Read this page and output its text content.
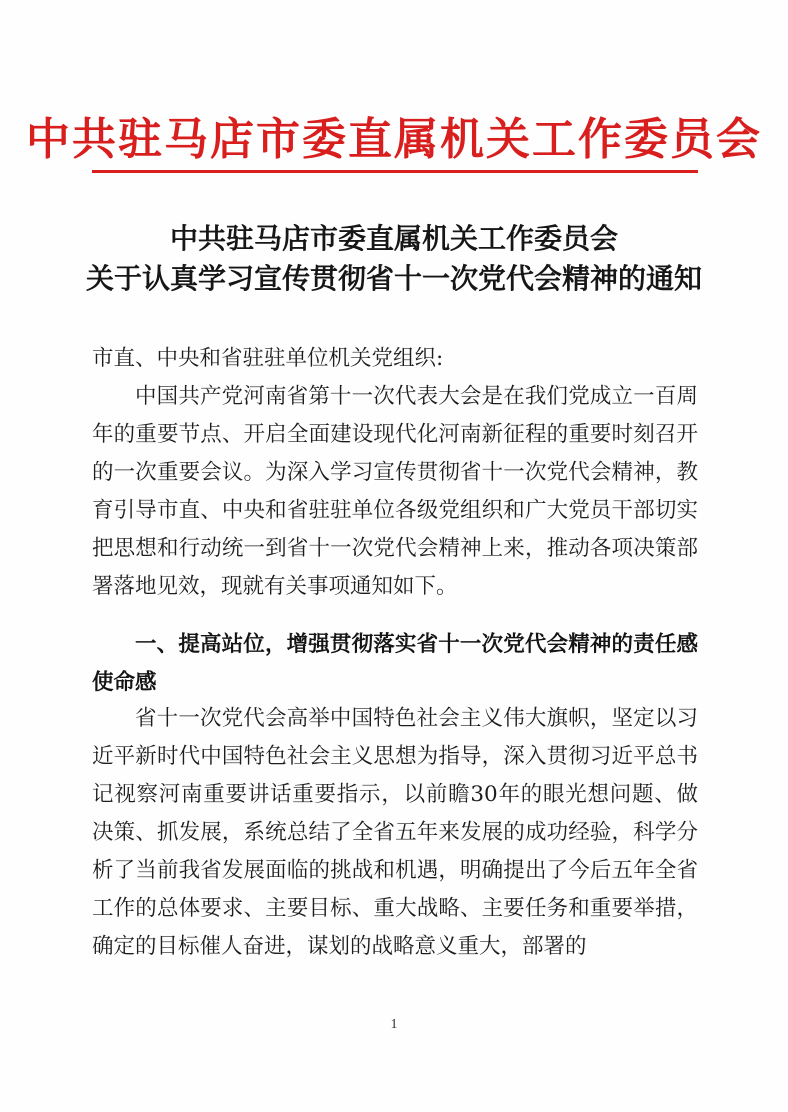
中共驻马店市委直属机关工作委员会
中共驻马店市委直属机关工作委员会
关于认真学习宣传贯彻省十一次党代会精神的通知
市直、中央和省驻驻单位机关党组织:
中国共产党河南省第十一次代表大会是在我们党成立一百周年的重要节点、开启全面建设现代化河南新征程的重要时刻召开的一次重要会议。为深入学习宣传贯彻省十一次党代会精神，教育引导市直、中央和省驻驻单位各级党组织和广大党员干部切实把思想和行动统一到省十一次党代会精神上来，推动各项决策部署落地见效，现就有关事项通知如下。
一、提高站位，增强贯彻落实省十一次党代会精神的责任感使命感
省十一次党代会高举中国特色社会主义伟大旗帜，坚定以习近平新时代中国特色社会主义思想为指导，深入贯彻习近平总书记视察河南重要讲话重要指示，以前瞻30年的眼光想问题、做决策、抓发展，系统总结了全省五年来发展的成功经验，科学分析了当前我省发展面临的挑战和机遇，明确提出了今后五年全省工作的总体要求、主要目标、重大战略、主要任务和重要举措，确定的目标催人奋进，谋划的战略意义重大，部署的
1
